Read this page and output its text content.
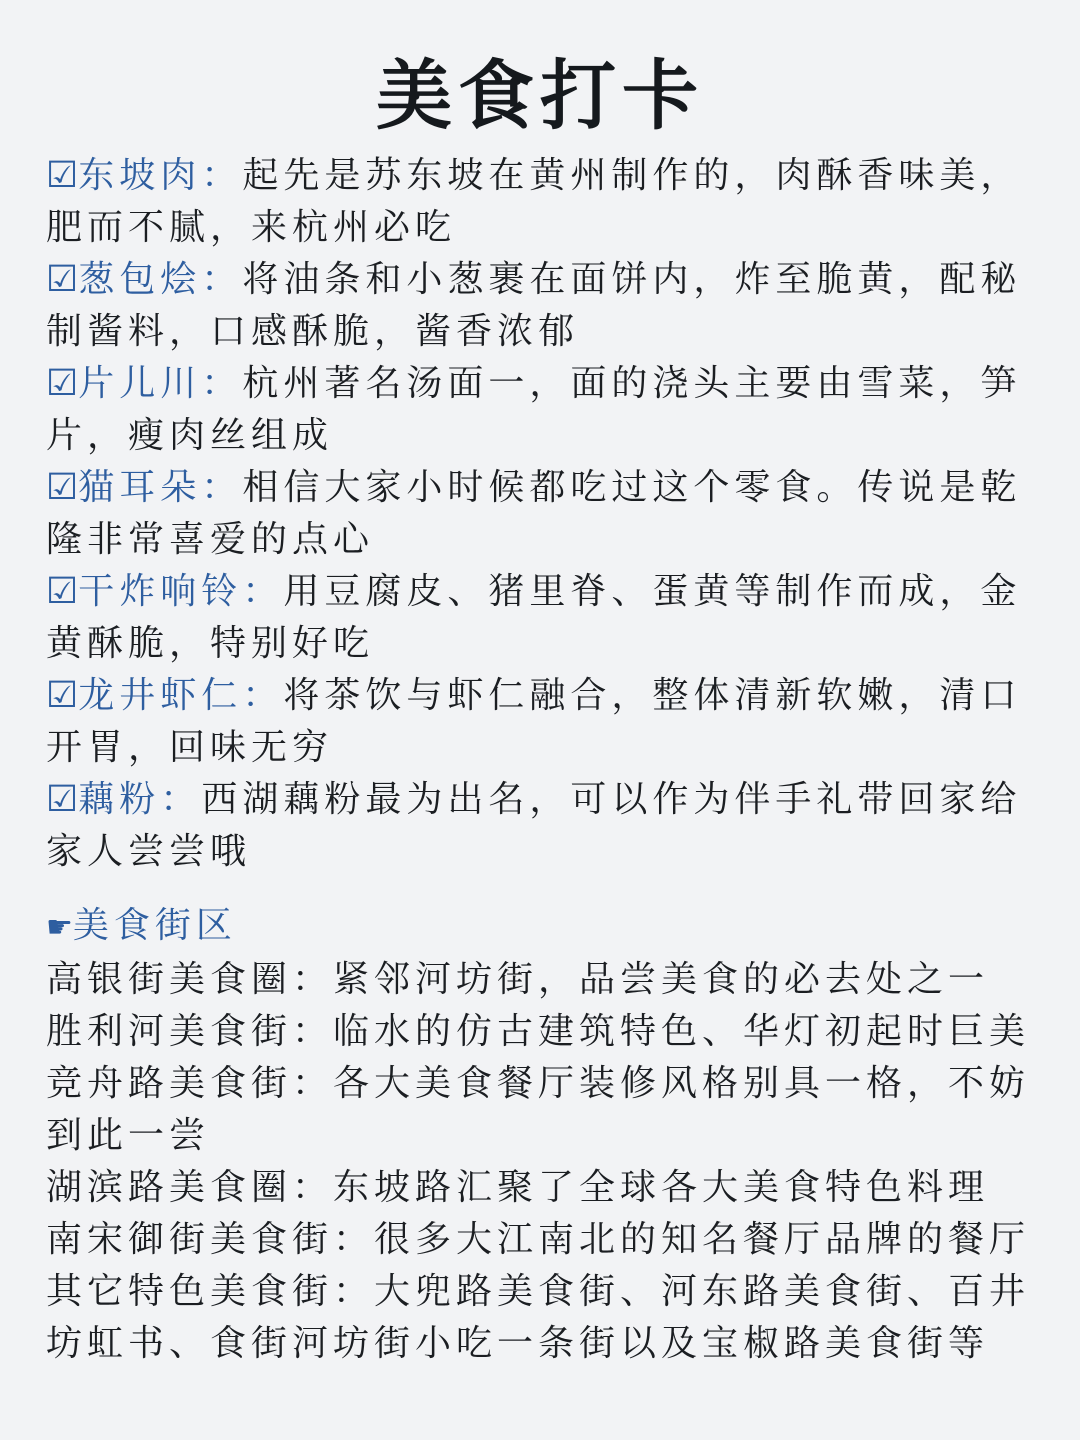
美食打卡
☑东坡肉：起先是苏东坡在黄州制作的，肉酥香味美，肥而不腻，来杭州必吃
☑葱包烩：将油条和小葱裹在面饼内，炸至脆黄，配秘制酱料，口感酥脆，酱香浓郁
☑片儿川：杭州著名汤面一，面的浇头主要由雪菜，笋片，瘦肉丝组成
☑猫耳朵：相信大家小时候都吃过这个零食。传说是乾隆非常喜爱的点心
☑干炸响铃：用豆腐皮、猪里脊、蛋黄等制作而成，金黄酥脆，特别好吃
☑龙井虾仁：将茶饮与虾仁融合，整体清新软嫩，清口开胃，回味无穷
☑藕粉：西湖藕粉最为出名，可以作为伴手礼带回家给家人尝尝哦
☛美食街区
高银街美食圈：紧邻河坊街，品尝美食的必去处之一
胜利河美食街：临水的仿古建筑特色、华灯初起时巨美
竞舟路美食街：各大美食餐厅装修风格别具一格，不妨到此一尝
湖滨路美食圈：东坡路汇聚了全球各大美食特色料理
南宋御街美食街：很多大江南北的知名餐厅品牌的餐厅
其它特色美食街：大兜路美食街、河东路美食街、百井坊虹书、食街河坊街小吃一条街以及宝椒路美食街等
